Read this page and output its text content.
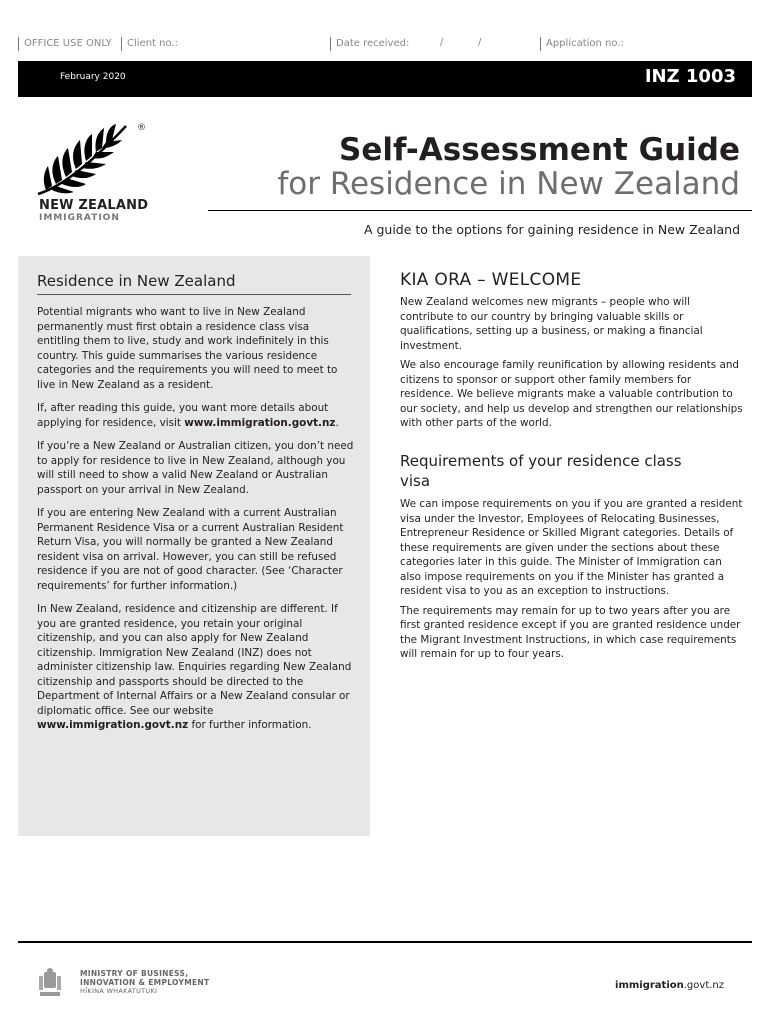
OFFICE USE ONLY	Client no.:	Date received:	/	/	Application no.:
February 2020	INZ 1003
®
NEW ZEALAND
IMMIGRATION
Self-Assessment Guide
for Residence in New Zealand
A guide to the options for gaining residence in New Zealand
Residence in New Zealand

Potential migrants who want to live in New Zealand permanently must first obtain a residence class visa entitling them to live, study and work indefinitely in this country. This guide summarises the various residence categories and the requirements you will need to meet to live in New Zealand as a resident.

If, after reading this guide, you want more details about applying for residence, visit www.immigration.govt.nz.

If you’re a New Zealand or Australian citizen, you don’t need to apply for residence to live in New Zealand, although you will still need to show a valid New Zealand or Australian passport on your arrival in New Zealand.

If you are entering New Zealand with a current Australian Permanent Residence Visa or a current Australian Resident Return Visa, you will normally be granted a New Zealand resident visa on arrival. However, you can still be refused residence if you are not of good character. (See ‘Character requirements’ for further information.)

In New Zealand, residence and citizenship are different. If you are granted residence, you retain your original citizenship, and you can also apply for New Zealand citizenship. Immigration New Zealand (INZ) does not administer citizenship law. Enquiries regarding New Zealand citizenship and passports should be directed to the Department of Internal Affairs or a New Zealand consular or diplomatic office. See our website www.immigration.govt.nz for further information.

KIA ORA – WELCOME

New Zealand welcomes new migrants – people who will contribute to our country by bringing valuable skills or qualifications, setting up a business, or making a financial investment.

We also encourage family reunification by allowing residents and citizens to sponsor or support other family members for residence. We believe migrants make a valuable contribution to our society, and help us develop and strengthen our relationships with other parts of the world.

Requirements of your residence class visa

We can impose requirements on you if you are granted a resident visa under the Investor, Employees of Relocating Businesses, Entrepreneur Residence or Skilled Migrant categories. Details of these requirements are given under the sections about these categories later in this guide. The Minister of Immigration can also impose requirements on you if the Minister has granted a resident visa to you as an exception to instructions.

The requirements may remain for up to two years after you are first granted residence except if you are granted residence under the Migrant Investment Instructions, in which case requirements will remain for up to four years.

MINISTRY OF BUSINESS,
INNOVATION & EMPLOYMENT
HĪKINA WHAKATUTUKI	immigration.govt.nz
